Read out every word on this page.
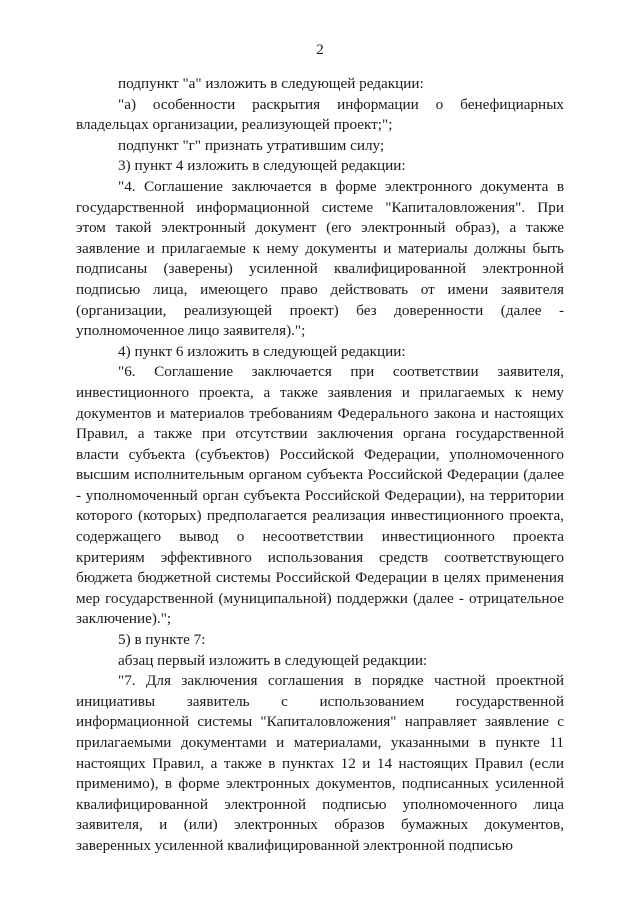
2

подпункт "а" изложить в следующей редакции:

"а) особенности раскрытия информации о бенефициарных владельцах организации, реализующей проект;";

подпункт "г" признать утратившим силу;

3) пункт 4 изложить в следующей редакции:

"4. Соглашение заключается в форме электронного документа в государственной информационной системе "Капиталовложения". При этом такой электронный документ (его электронный образ), а также заявление и прилагаемые к нему документы и материалы должны быть подписаны (заверены) усиленной квалифицированной электронной подписью лица, имеющего право действовать от имени заявителя (организации, реализующей проект) без доверенности (далее - уполномоченное лицо заявителя).";

4) пункт 6 изложить в следующей редакции:

"6. Соглашение заключается при соответствии заявителя, инвестиционного проекта, а также заявления и прилагаемых к нему документов и материалов требованиям Федерального закона и настоящих Правил, а также при отсутствии заключения органа государственной власти субъекта (субъектов) Российской Федерации, уполномоченного высшим исполнительным органом субъекта Российской Федерации (далее - уполномоченный орган субъекта Российской Федерации), на территории которого (которых) предполагается реализация инвестиционного проекта, содержащего вывод о несоответствии инвестиционного проекта критериям эффективного использования средств соответствующего бюджета бюджетной системы Российской Федерации в целях применения мер государственной (муниципальной) поддержки (далее - отрицательное заключение).";

5) в пункте 7:

абзац первый изложить в следующей редакции:

"7. Для заключения соглашения в порядке частной проектной инициативы заявитель с использованием государственной информационной системы "Капиталовложения" направляет заявление с прилагаемыми документами и материалами, указанными в пункте 11 настоящих Правил, а также в пунктах 12 и 14 настоящих Правил (если применимо), в форме электронных документов, подписанных усиленной квалифицированной электронной подписью уполномоченного лица заявителя, и (или) электронных образов бумажных документов, заверенных усиленной квалифицированной электронной подписью
